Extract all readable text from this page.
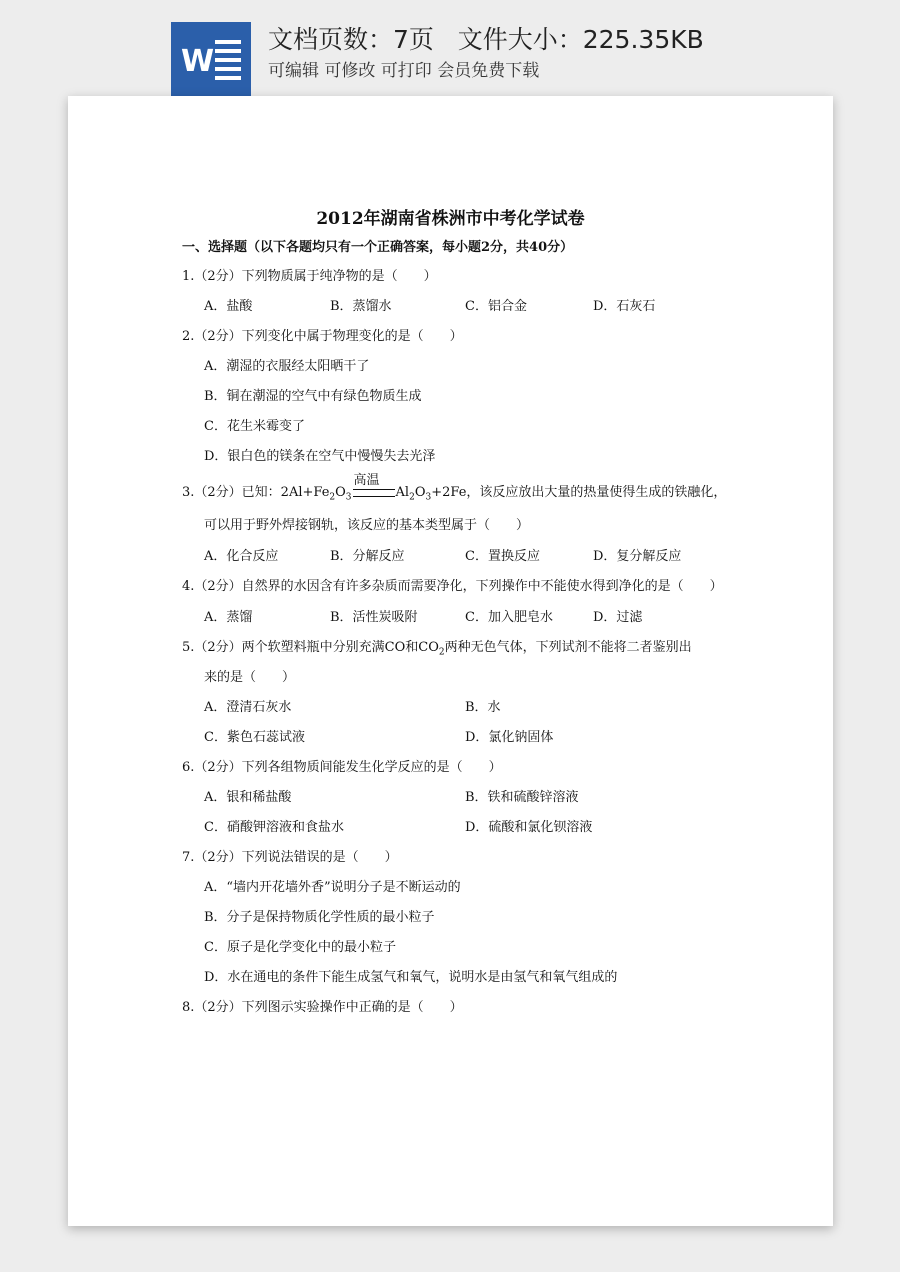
W
文档页数：7页   文件大小：225.35KB
可编辑 可修改 可打印 会员免费下载
2012年湖南省株洲市中考化学试卷
一、选择题（以下各题均只有一个正确答案，每小题2分，共40分）
1.（2分）下列物质属于纯净物的是（　　）
A．盐酸	B．蒸馏水	C．铝合金	D．石灰石
2.（2分）下列变化中属于物理变化的是（　　）
A．潮湿的衣服经太阳晒干了
B．铜在潮湿的空气中有绿色物质生成
C．花生米霉变了
D．银白色的镁条在空气中慢慢失去光泽
3.（2分）已知：$2Al+Fe_2O_3$
高温
$Al_2O_3+2Fe$，该反应放出大量的热量使得生成的铁融化，
可以用于野外焊接钢轨，该反应的基本类型属于（　　）
A．化合反应	B．分解反应	C．置换反应	D．复分解反应
4.（2分）自然界的水因含有许多杂质而需要净化，下列操作中不能使水得到净化的是（　　）
A．蒸馏	B．活性炭吸附	C．加入肥皂水	D．过滤
5.（2分）两个软塑料瓶中分别充满CO和$CO_2$两种无色气体，下列试剂不能将二者鉴别出
来的是（　　）
A．澄清石灰水	B．水
C．紫色石蕊试液	D．氯化钠固体
6.（2分）下列各组物质间能发生化学反应的是（　　）
A．银和稀盐酸	B．铁和硫酸锌溶液
C．硝酸钾溶液和食盐水	D．硫酸和氯化钡溶液
7.（2分）下列说法错误的是（　　）
A．“墙内开花墙外香”说明分子是不断运动的
B．分子是保持物质化学性质的最小粒子
C．原子是化学变化中的最小粒子
D．水在通电的条件下能生成氢气和氧气，说明水是由氢气和氧气组成的
8.（2分）下列图示实验操作中正确的是（　　）
